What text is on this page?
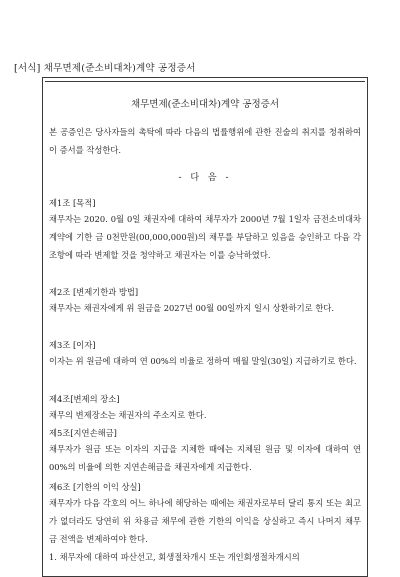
[서식] 채무면제(준소비대차)계약 공정증서
채무면제(준소비대차)계약 공정증서

본 공증인은 당사자들의 촉탁에 따라 다음의 법률행위에 관한 진술의 취지를 청취하여 이 증서를 작성한다.

- 다 음 -

제1조 [목적]

채무자는 2020. 0월 0일 채권자에 대하여 채무자가 2000년 7월 1일자 금전소비대차계약에 기한 금 0천만원(00,000,000원)의 채무를 부담하고 있음을 승인하고 다음 각 조항에 따라 변제할 것을 청약하고 채권자는 이를 승낙하였다.

제2조 [변제기한과 방법]

채무자는 채권자에게 위 원금을 2027년 00월 00일까지 일시 상환하기로 한다.

제3조 [이자]

이자는 위 원금에 대하여 연 00%의 비율로 정하여 매월 말일(30일) 지급하기로 한다.

제4조[변제의 장소]

채무의 변제장소는 채권자의 주소지로 한다.

제5조[지연손해금]

채무자가 원금 또는 이자의 지급을 지체한 때에는 지체된 원금 및 이자에 대하여 연 00%의 비율에 의한 지연손해금을 채권자에게 지급한다.

제6조 [기한의 이익 상실]

채무자가 다음 각호의 어느 하나에 해당하는 때에는 채권자로부터 달리 통지 또는 최고가 없더라도 당연히 위 차용금 채무에 관한 기한의 이익을 상실하고 즉시 나머지 채무금 전액을 변제하여야 한다.

1. 채무자에 대하여 파산선고, 회생절차개시 또는 개인회생절차개시의
